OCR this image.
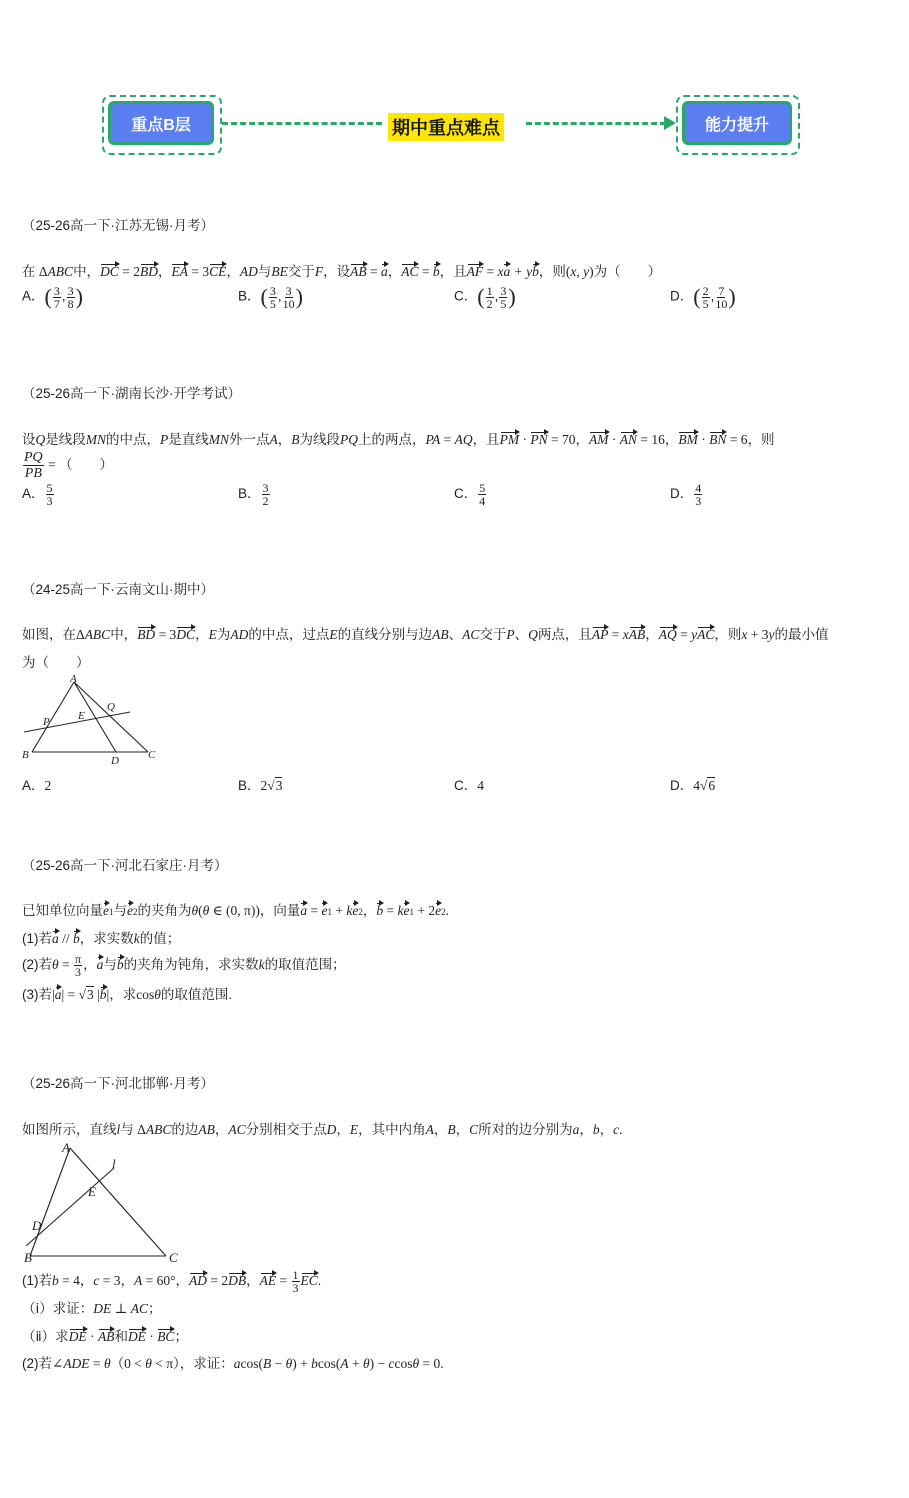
重点B层	期中重点难点	能力提升
（25-26高一下·江苏无锡·月考）
在 ΔABC中，DC = 2BD，EA = 3CE，AD与BE交于F，设AB = a，AC = b，且AF = xa + yb，则(x, y)为（　　）
A．( $\frac{3}{7}$ , $\frac{3}{8}$ )	B．( $\frac{3}{5}$ , $\frac{3}{10}$ )	C．( $\frac{1}{2}$ , $\frac{3}{5}$ )	D．( $\frac{2}{5}$ , $\frac{7}{10}$ )
（25-26高一下·湖南长沙·开学考试）
设Q是线段MN的中点，P是直线MN外一点A，B为线段PQ上的两点，PA = AQ，且PM · PN = 70，AM · AN = 16，BM · BN = 6，则
$\frac{PQ}{PB}$ = （　　）
A． $\frac{5}{3}$	B． $\frac{3}{2}$	C． $\frac{5}{4}$	D． $\frac{4}{3}$
（24-25高一下·云南文山·期中）
如图，在ΔABC中，BD = 3DC，E为AD的中点，过点E的直线分别与边AB、AC交于P、Q两点，且AP = xAB，AQ = yAC，则x + 3y的最小值
为（　　）
A
B	C
D
E
P
Q
A．2	B．2√3	C．4	D．4√6
（25-26高一下·河北石家庄·月考）
已知单位向量e1与e2的夹角为θ(θ ∈ (0, π))，向量a = e1 + ke2，b = ke1 + 2e2.
(1)若a // b，求实数k的值；
(2)若$\theta = \frac{\pi}{3}$ ，a与b的夹角为钝角，求实数k的取值范围；
(3)若|a| = √3 |b|，求cosθ的取值范围.
（25-26高一下·河北邯郸·月考）
如图所示，直线l与 ΔABC的边AB，AC分别相交于点D，E，其中内角A，B，C所对的边分别为a，b，c.
A
B	C
D
E
l
(1)若b = 4，c = 3，A = 60°，AD = 2DB，AE = $\frac{1}{3}$ EC.
（ⅰ）求证：DE ⊥ AC；
（ⅱ）求DE · AB和DE · BC；
(2)若∠ADE = θ（0 < θ < π），求证：acos(B − θ) + bcos(A + θ) − ccosθ = 0.
